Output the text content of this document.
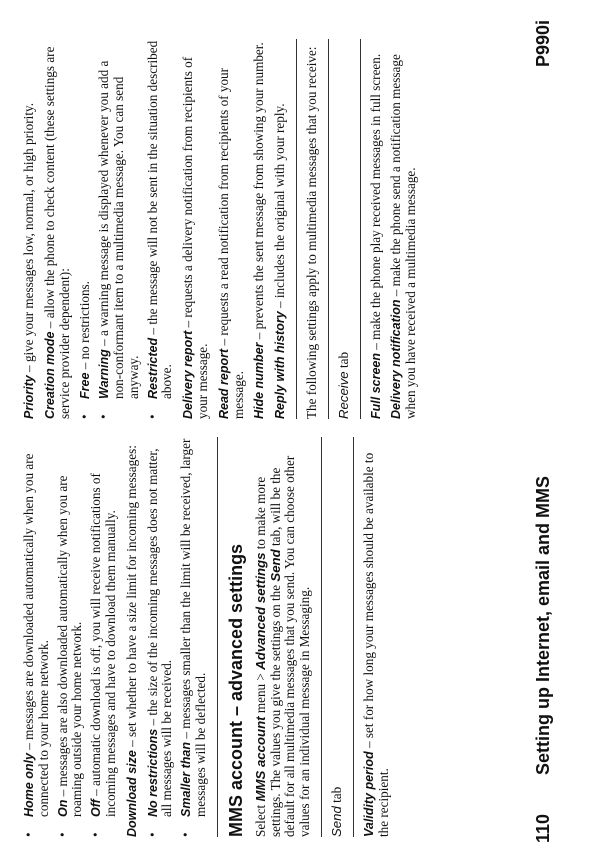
• Home only – messages are downloaded automatically when you are connected to your home network. • On – messages are also downloaded automatically when you are roaming outside your home network. • Off – automatic download is off, you will receive notifications of incoming messages and have to download them manually. Download size – set whether to have a size limit for incoming messages:

• No restrictions – the size of the incoming messages does not matter, all messages will be received. • Smaller than – messages smaller than the limit will be received, larger messages will be deflected. MMS account – advanced settings Select MMS account menu > Advanced settings to make more settings. The values you give the settings on the Send tab, will be the default for all multimedia messages that you send. You can choose other values for an individual message in Messaging. Send tab Validity period – set for how long your messages should be available to the recipient.

Priority – give your messages low, normal, or high priority.

Creation mode – allow the phone to check content (these settings are service provider dependent): • Free – no restrictions.
• Warning – a warning message is displayed whenever you add a non-conformant item to a multimedia message. You can send anyway. • Restricted – the message will not be sent in the situation described above. Delivery report – requests a delivery notification from recipients of your message. Read report – requests a read notification from recipients of your message. Hide number – prevents the sent message from showing your number.

Reply with history – includes the original with your reply. The following settings apply to multimedia messages that you receive: Receive tab Full screen – make the phone play received messages in full screen.

Delivery notification – make the phone send a notification message when you have received a multimedia message.

110
Setting up Internet, email and MMS
P990i
